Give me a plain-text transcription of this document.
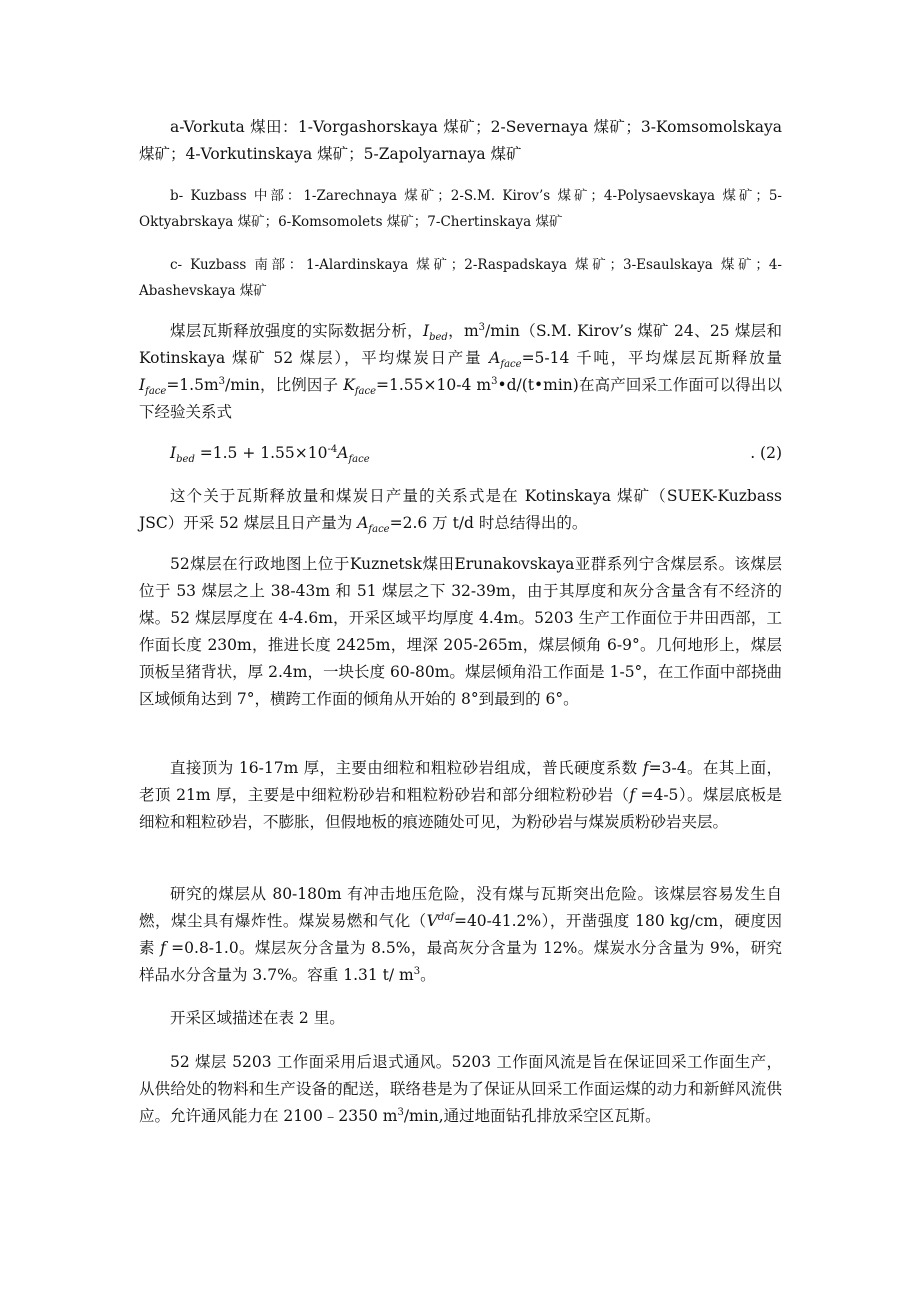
a-Vorkuta 煤田：1-Vorgashorskaya 煤矿；2-Severnaya 煤矿；3-Komsomolskaya 煤矿；4-Vorkutinskaya 煤矿；5-Zapolyarnaya 煤矿

b- Kuzbass 中部：1-Zarechnaya 煤矿；2-S.M. Kirov’s 煤矿；4-Polysaevskaya 煤矿；5-Oktyabrskaya 煤矿；6-Komsomolets 煤矿；7-Chertinskaya 煤矿

c- Kuzbass 南部：1-Alardinskaya 煤矿；2-Raspadskaya 煤矿；3-Esaulskaya 煤矿；4-Abashevskaya 煤矿

煤层瓦斯释放强度的实际数据分析，$I_{bed}$，$m^3/\min(S.M$. Kirov’s 煤矿 24、25 煤层和 Kotinskaya 煤矿 52 煤层），平均煤炭日产量 $A_{face}=5-14$ 千吨，平均煤层瓦斯释放量 $I_{face}=1.5m^3/\min$，比例因子 $K_{face}=1.55\times 10-4$ $m^3•d/(t•\min)$在高产回采工作面可以得出以下经验关系式

$I_{bed} =1.5 + 1.55\times 10^{-4}A_{face}$	. (2)

这个关于瓦斯释放量和煤炭日产量的关系式是在 Kotinskaya 煤矿（SUEK-Kuzbass JSC）开采 52 煤层且日产量为 $A_{face}=2.6$ 万 t/d 时总结得出的。

52煤层在行政地图上位于Kuznetsk煤田Erunakovskaya亚群系列宁含煤层系。该煤层位于 53 煤层之上 38-43m 和 51 煤层之下 32-39m，由于其厚度和灰分含量含有不经济的煤。52 煤层厚度在 4-4.6m，开采区域平均厚度 4.4m。5203 生产工作面位于井田西部，工作面长度 230m，推进长度 2425m，埋深 205-265m，煤层倾角 6-9°。几何地形上，煤层顶板呈猪背状，厚 2.4m，一块长度 60-80m。煤层倾角沿工作面是 1-5°，在工作面中部挠曲区域倾角达到 7°，横跨工作面的倾角从开始的 8°到最到的 6°。

直接顶为 16-17m 厚，主要由细粒和粗粒砂岩组成，普氏硬度系数 f=3-4。在其上面，老顶 21m 厚，主要是中细粒粉砂岩和粗粒粉砂岩和部分细粒粉砂岩（f =4-5）。煤层底板是细粒和粗粒砂岩，不膨胀，但假地板的痕迹随处可见，为粉砂岩与煤炭质粉砂岩夹层。

研究的煤层从 80-180m 有冲击地压危险，没有煤与瓦斯突出危险。该煤层容易发生自燃，煤尘具有爆炸性。煤炭易燃和气化$(V^{daf}=40-41.2\%)$，开凿强度 180 kg/cm，硬度因素 f =0.8-1.0。煤层灰分含量为 8.5%，最高灰分含量为 12%。煤炭水分含量为 9%，研究样品水分含量为 3.7%。容重 1.31 t/ $m^3$。

开采区域描述在表 2 里。

52 煤层 5203 工作面采用后退式通风。5203 工作面风流是旨在保证回采工作面生产，从供给处的物料和生产设备的配送，联络巷是为了保证从回采工作面运煤的动力和新鲜风流供应。允许通风能力在 2100﹣2350 $m^3/\min$,通过地面钻孔排放采空区瓦斯。
